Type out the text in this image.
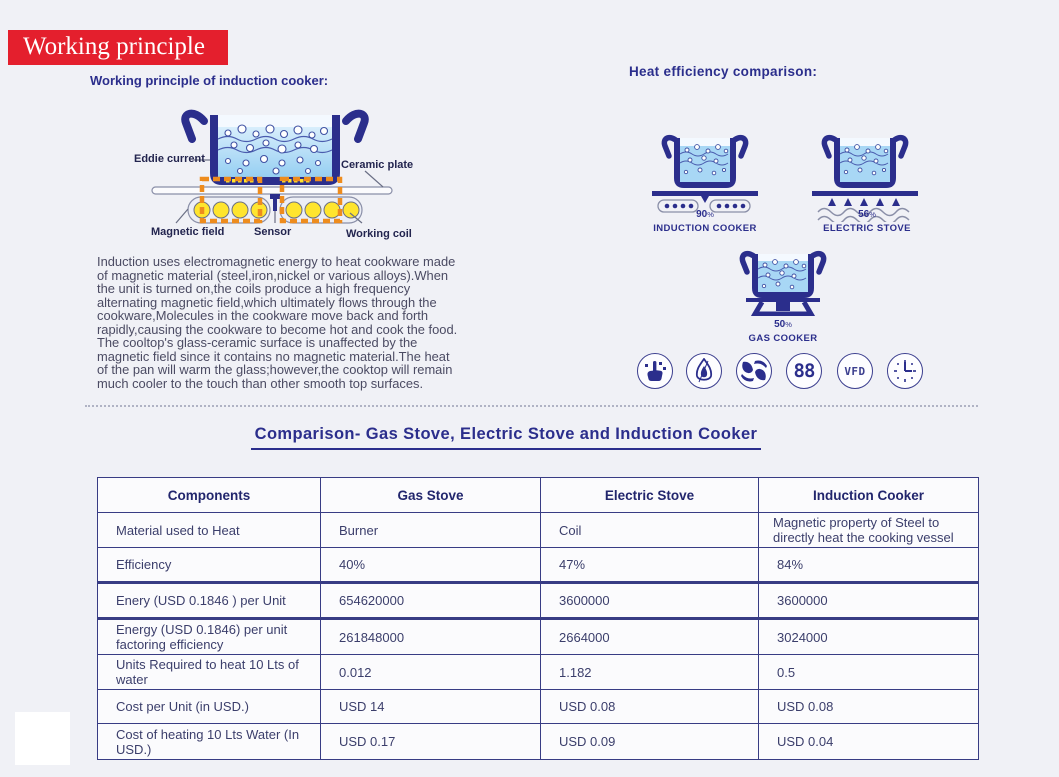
Working principle
Working principle of induction cooker:
Eddie current	Ceramic plate
Magnetic field	Sensor	Working coil
Induction uses electromagnetic energy to heat cookware made
of magnetic material (steel,iron,nickel or various alloys).When
the unit is turned on,the coils produce a high frequency
alternating magnetic field,which ultimately flows through the
cookware,Molecules in the cookware move back and forth
rapidly,causing the cookware to become hot and cook the food.
The cooltop's glass-ceramic surface is unaffected by the
magnetic field since it contains no magnetic material.The heat
of the pan will warm the glass;however,the cooktop will remain
much cooler to the touch than other smooth top surfaces.
Heat efficiency comparison:
90%
INDUCTION COOKER
56%
ELECTRIC STOVE
50%
GAS COOKER
88	VFD
Comparison- Gas Stove, Electric Stove and Induction Cooker
Components	Gas Stove	Electric Stove	Induction Cooker
Material used to Heat	Burner	Coil	Magnetic property of Steel to directly heat the cooking vessel
Efficiency	40%	47%	84%
Enery (USD 0.1846 ) per Unit	654620000	3600000	3600000
Energy (USD 0.1846) per unit factoring efficiency	261848000	2664000	3024000
Units Required to heat 10 Lts of water	0.012	1.182	0.5
Cost per Unit (in USD.)	USD 14	USD 0.08	USD 0.08
Cost of heating 10 Lts Water (In USD.)	USD 0.17	USD 0.09	USD 0.04
